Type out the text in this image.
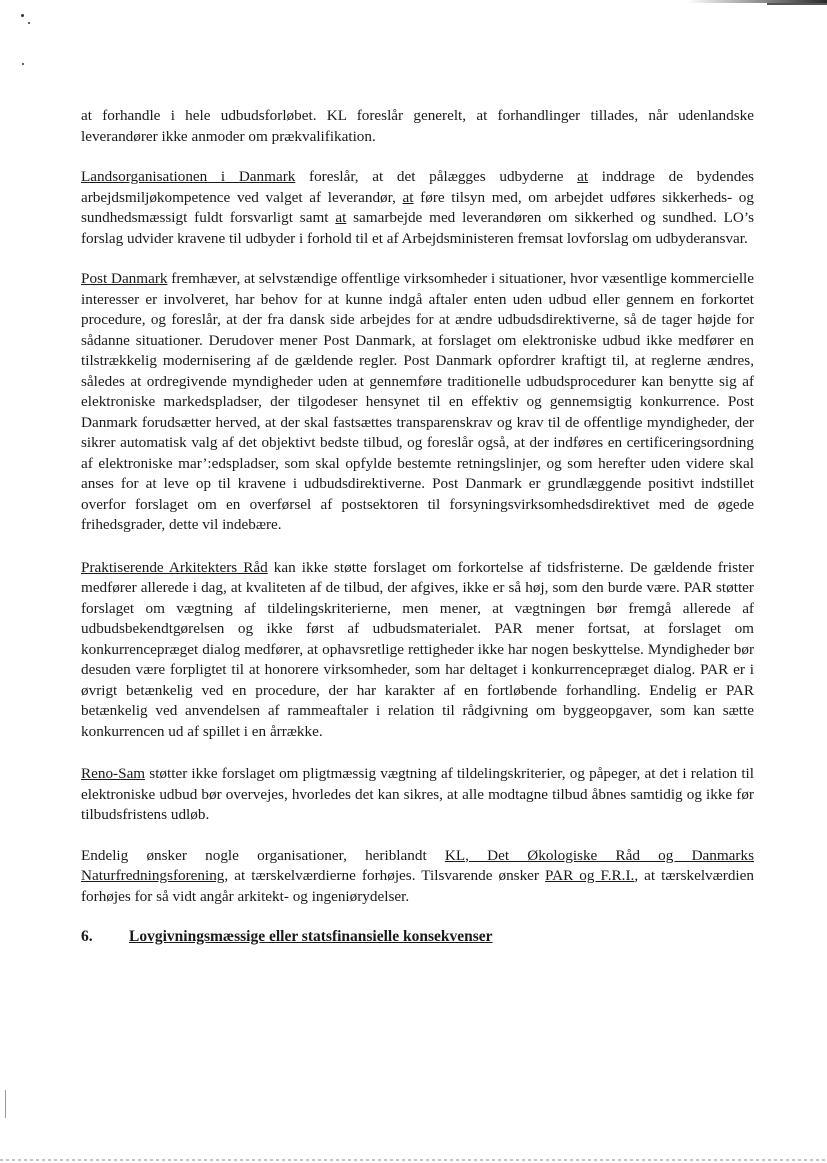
at forhandle i hele udbudsforløbet. KL foreslår generelt, at forhandlinger tillades, når udenlandske leverandører ikke anmoder om prækvalifikation.

Landsorganisationen i Danmark foreslår, at det pålægges udbyderne at inddrage de bydendes arbejdsmiljøkompetence ved valget af leverandør, at føre tilsyn med, om arbejdet udføres sikkerheds- og sundhedsmæssigt fuldt forsvarligt samt at samarbejde med leverandøren om sikkerhed og sundhed. LO’s forslag udvider kravene til udbyder i forhold til et af Arbejdsministeren fremsat lovforslag om udbyderansvar.

Post Danmark fremhæver, at selvstændige offentlige virksomheder i situationer, hvor væsentlige kommercielle interesser er involveret, har behov for at kunne indgå aftaler enten uden udbud eller gennem en forkortet procedure, og foreslår, at der fra dansk side arbejdes for at ændre udbudsdirektiverne, så de tager højde for sådanne situationer. Derudover mener Post Danmark, at forslaget om elektroniske udbud ikke medfører en tilstrækkelig modernisering af de gældende regler. Post Danmark opfordrer kraftigt til, at reglerne ændres, således at ordregivende myndigheder uden at gennemføre traditionelle udbudsprocedurer kan benytte sig af elektroniske markedspladser, der tilgodeser hensynet til en effektiv og gennemsigtig konkurrence. Post Danmark forudsætter herved, at der skal fastsættes transparenskrav og krav til de offentlige myndigheder, der sikrer automatisk valg af det objektivt bedste tilbud, og foreslår også, at der indføres en certificeringsordning af elektroniske mar’:edspladser, som skal opfylde bestemte retningslinjer, og som herefter uden videre skal anses for at leve op til kravene i udbudsdirektiverne. Post Danmark er grundlæggende positivt indstillet overfor forslaget om en overførsel af postsektoren til forsyningsvirksomhedsdirektivet med de øgede frihedsgrader, dette vil indebære.

Praktiserende Arkitekters Råd kan ikke støtte forslaget om forkortelse af tidsfristerne. De gældende frister medfører allerede i dag, at kvaliteten af de tilbud, der afgives, ikke er så høj, som den burde være. PAR støtter forslaget om vægtning af tildelingskriterierne, men mener, at vægtningen bør fremgå allerede af udbudsbekendtgørelsen og ikke først af udbudsmaterialet. PAR mener fortsat, at forslaget om konkurrencepræget dialog medfører, at ophavsretlige rettigheder ikke har nogen beskyttelse. Myndigheder bør desuden være forpligtet til at honorere virksomheder, som har deltaget i konkurrencepræget dialog. PAR er i øvrigt betænkelig ved en procedure, der har karakter af en fortløbende forhandling. Endelig er PAR betænkelig ved anvendelsen af rammeaftaler i relation til rådgivning om byggeopgaver, som kan sætte konkurrencen ud af spillet i en årrække.

Reno-Sam støtter ikke forslaget om pligtmæssig vægtning af tildelingskriterier, og påpeger, at det i relation til elektroniske udbud bør overvejes, hvorledes det kan sikres, at alle modtagne tilbud åbnes samtidig og ikke før tilbudsfristens udløb.

Endelig ønsker nogle organisationer, heriblandt KL, Det Økologiske Råd og Danmarks Naturfredningsforening, at tærskelværdierne forhøjes. Tilsvarende ønsker PAR og F.R.I., at tærskelværdien forhøjes for så vidt angår arkitekt- og ingeniørydelser.

6.	Lovgivningsmæssige eller statsfinansielle konsekvenser
